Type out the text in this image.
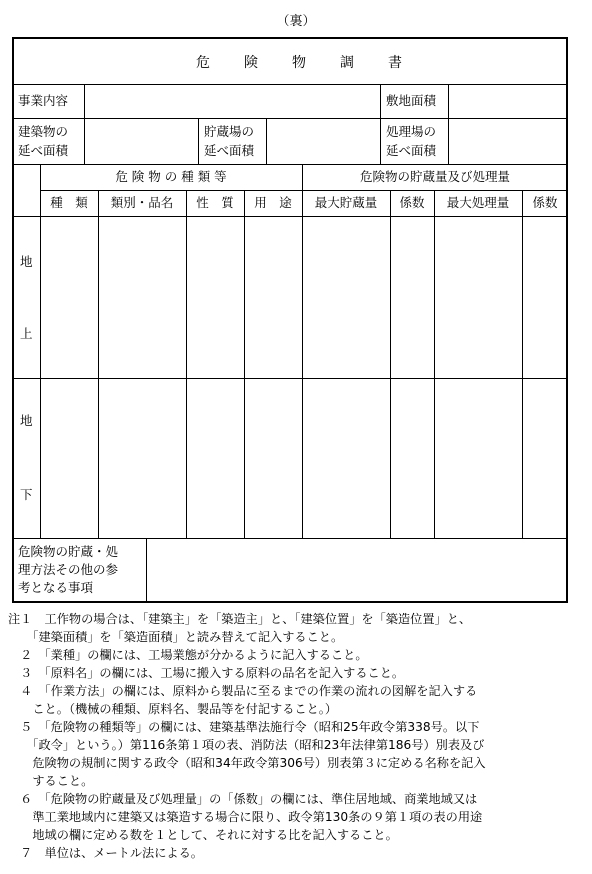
（裏）
危 険 物 調 書
事業内容	敷地面積
建築物の
延べ面積
貯蔵場の
延べ面積
処理場の
延べ面積
危 険 物 の 種 類 等	危険物の貯蔵量及び処理量
種　類	類別・品名	性　質	用　途	最大貯蔵量	係数	最大処理量	係数
地
上
地
下
危険物の貯蔵・処
理方法その他の参
考となる事項
注１　工作物の場合は、「建築主」を「築造主」と、「建築位置」を「築造位置」と、
　　「建築面積」を「築造面積」と読み替えて記入すること。
　２　「業種」の欄には、工場業態が分かるように記入すること。
　３　「原料名」の欄には、工場に搬入する原料の品名を記入すること。
　４　「作業方法」の欄には、原料から製品に至るまでの作業の流れの図解を記入する
　　こと。（機械の種類、原料名、製品等を付記すること。）
　５　「危険物の種類等」の欄には、建築基準法施行令（昭和25年政令第338号。以下
　　「政令」という。）第116条第１項の表、消防法（昭和23年法律第186号）別表及び
　　危険物の規制に関する政令（昭和34年政令第306号）別表第３に定める名称を記入
　　すること。
　６　「危険物の貯蔵量及び処理量」の「係数」の欄には、準住居地域、商業地域又は
　　準工業地域内に建築又は築造する場合に限り、政令第130条の９第１項の表の用途
　　地域の欄に定める数を１として、それに対する比を記入すること。
　７　単位は、メートル法による。
